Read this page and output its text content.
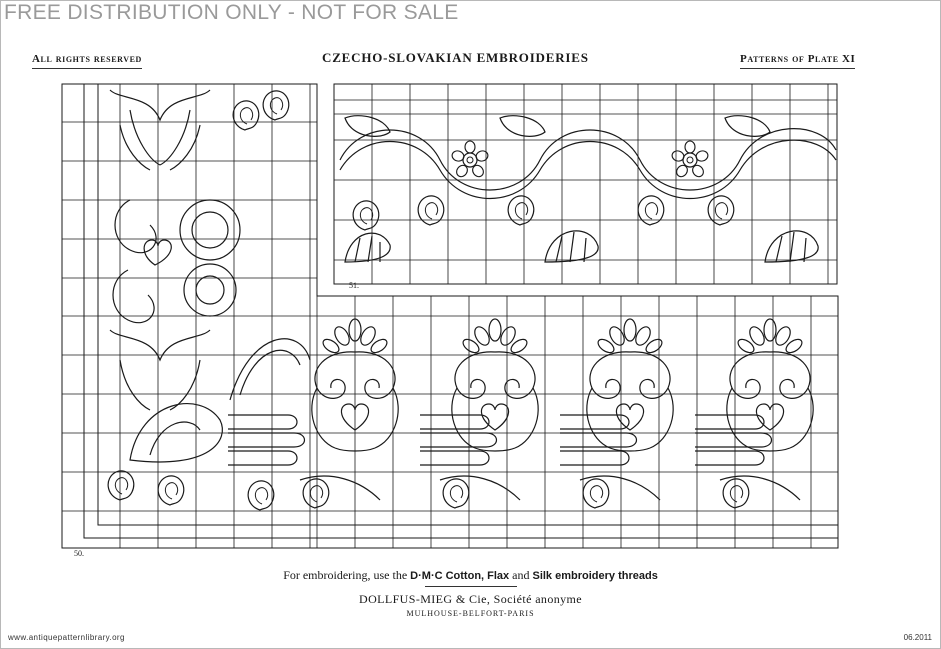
FREE DISTRIBUTION ONLY - NOT FOR SALE
All rights reserved	CZECHO-SLOVAKIAN EMBROIDERIES	Patterns of Plate XI
51.
50.
For embroidering, use the D·M·C Cotton, Flax and Silk embroidery threads
DOLLFUS-MIEG & Cie, Société anonyme
MULHOUSE-BELFORT-PARIS
www.antiquepatternlibrary.org	06.2011
